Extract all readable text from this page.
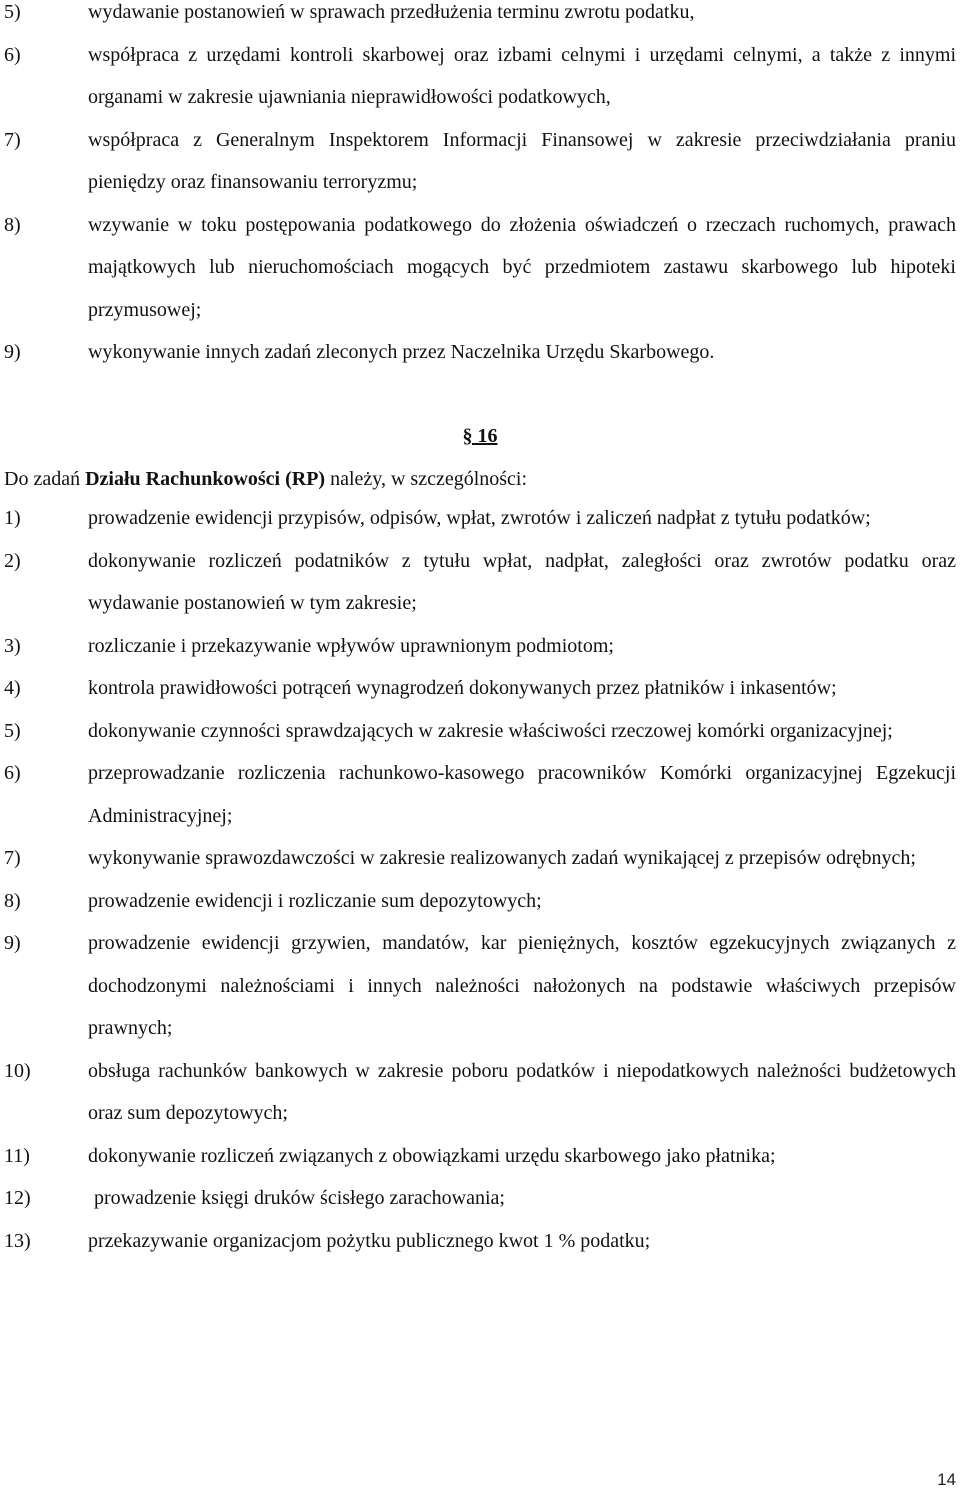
5)	wydawanie postanowień w sprawach przedłużenia terminu zwrotu podatku,

6)	współpraca z urzędami kontroli skarbowej oraz izbami celnymi i urzędami celnymi, a także z innymi organami w zakresie ujawniania nieprawidłowości podatkowych,

7)	współpraca z Generalnym Inspektorem Informacji Finansowej w zakresie przeciwdziałania praniu pieniędzy oraz finansowaniu terroryzmu;

8)	wzywanie w toku postępowania podatkowego do złożenia oświadczeń o rzeczach ruchomych, prawach majątkowych lub nieruchomościach mogących być przedmiotem zastawu skarbowego lub hipoteki przymusowej;

9)	wykonywanie innych zadań zleconych przez Naczelnika Urzędu Skarbowego.

§ 16

Do zadań Działu Rachunkowości (RP) należy, w szczególności:

1)	prowadzenie ewidencji przypisów, odpisów, wpłat, zwrotów i zaliczeń nadpłat z tytułu podatków;

2)	dokonywanie rozliczeń podatników z tytułu wpłat, nadpłat, zaległości oraz zwrotów podatku oraz wydawanie postanowień w tym zakresie;

3)	rozliczanie i przekazywanie wpływów uprawnionym podmiotom;

4)	kontrola prawidłowości potrąceń wynagrodzeń dokonywanych przez płatników i inkasentów;

5)	dokonywanie czynności sprawdzających w zakresie właściwości rzeczowej komórki organizacyjnej;

6)	przeprowadzanie rozliczenia rachunkowo-kasowego pracowników Komórki organizacyjnej Egzekucji Administracyjnej;

7)	wykonywanie sprawozdawczości w zakresie realizowanych zadań wynikającej z przepisów odrębnych;

8)	prowadzenie ewidencji i rozliczanie sum depozytowych;

9)	prowadzenie ewidencji grzywien, mandatów, kar pieniężnych, kosztów egzekucyjnych związanych z dochodzonymi należnościami i innych należności nałożonych na podstawie właściwych przepisów prawnych;

10)	obsługa rachunków bankowych w zakresie poboru podatków i niepodatkowych należności budżetowych oraz sum depozytowych;

11)	dokonywanie rozliczeń związanych z obowiązkami urzędu skarbowego jako płatnika;

12)	prowadzenie księgi druków ścisłego zarachowania;

13)	przekazywanie organizacjom pożytku publicznego kwot 1 % podatku;

14
